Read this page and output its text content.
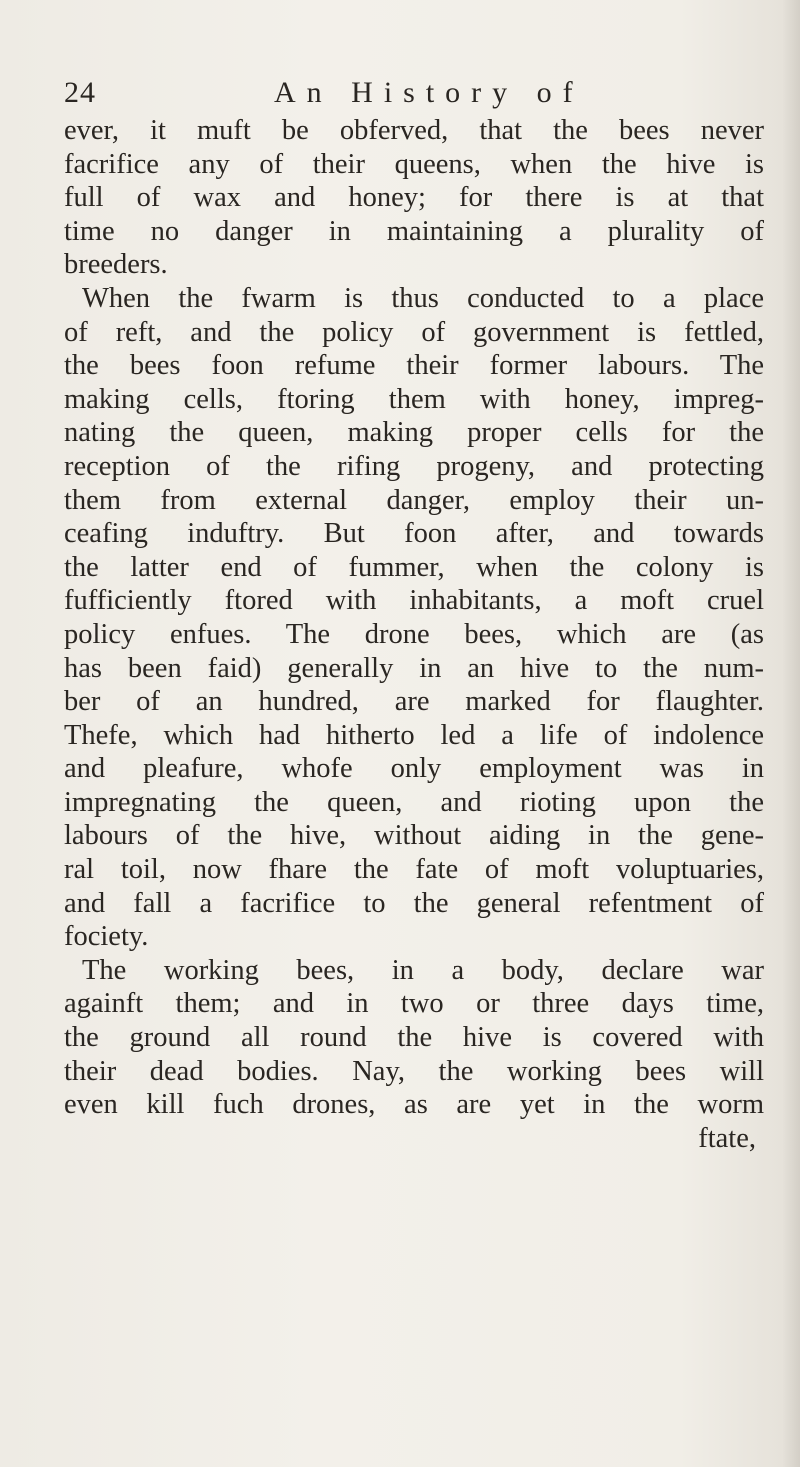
24	An History of
ever, it muft be obferved, that the bees never
facrifice any of their queens, when the hive is
full of wax and honey; for there is at that
time no danger in maintaining a plurality of
breeders.
When the fwarm is thus conducted to a place
of reft, and the policy of government is fettled,
the bees foon refume their former labours. The
making cells, ftoring them with honey, impreg-
nating the queen, making proper cells for the
reception of the rifing progeny, and protecting
them from external danger, employ their un-
ceafing induftry. But foon after, and towards
the latter end of fummer, when the colony is
fufficiently ftored with inhabitants, a moft cruel
policy enfues. The drone bees, which are (as
has been faid) generally in an hive to the num-
ber of an hundred, are marked for flaughter.
Thefe, which had hitherto led a life of indolence
and pleafure, whofe only employment was in
impregnating the queen, and rioting upon the
labours of the hive, without aiding in the gene-
ral toil, now fhare the fate of moft voluptuaries,
and fall a facrifice to the general refentment of
fociety.
The working bees, in a body, declare war
againft them; and in two or three days time,
the ground all round the hive is covered with
their dead bodies. Nay, the working bees will
even kill fuch drones, as are yet in the worm
ftate,
